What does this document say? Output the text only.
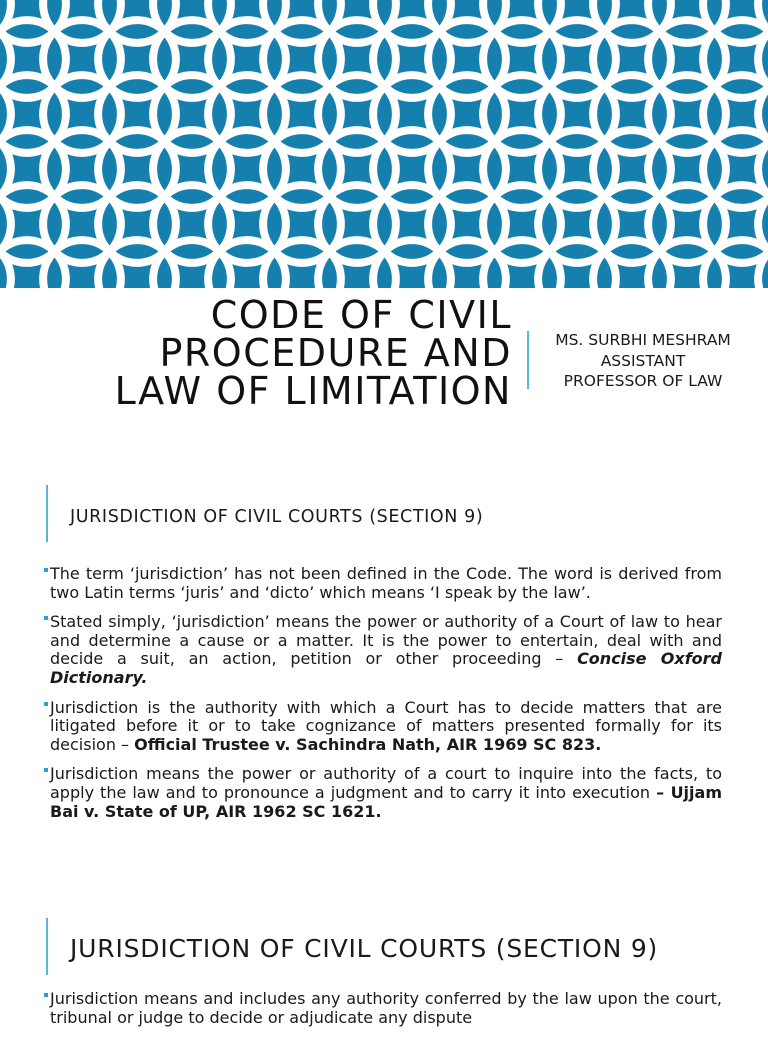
CODE OF CIVIL
PROCEDURE AND
LAW OF LIMITATION
MS. SURBHI MESHRAM
ASSISTANT
PROFESSOR OF LAW
JURISDICTION OF CIVIL COURTS (SECTION 9)
The term ‘jurisdiction’ has not been defined in the Code. The word is derived from two Latin terms ‘juris’ and ‘dicto’ which means ‘I speak by the law’.
Stated simply, ‘jurisdiction’ means the power or authority of a Court of law to hear and determine a cause or a matter. It is the power to entertain, deal with and decide a suit, an action, petition or other proceeding – Concise Oxford Dictionary.
Jurisdiction is the authority with which a Court has to decide matters that are litigated before it or to take cognizance of matters presented formally for its decision – Official Trustee v. Sachindra Nath, AIR 1969 SC 823.
Jurisdiction means the power or authority of a court to inquire into the facts, to apply the law and to pronounce a judgment and to carry it into execution – Ujjam Bai v. State of UP, AIR 1962 SC 1621.
JURISDICTION OF CIVIL COURTS (SECTION 9)
Jurisdiction means and includes any authority conferred by the law upon the court, tribunal or judge to decide or adjudicate any dispute
